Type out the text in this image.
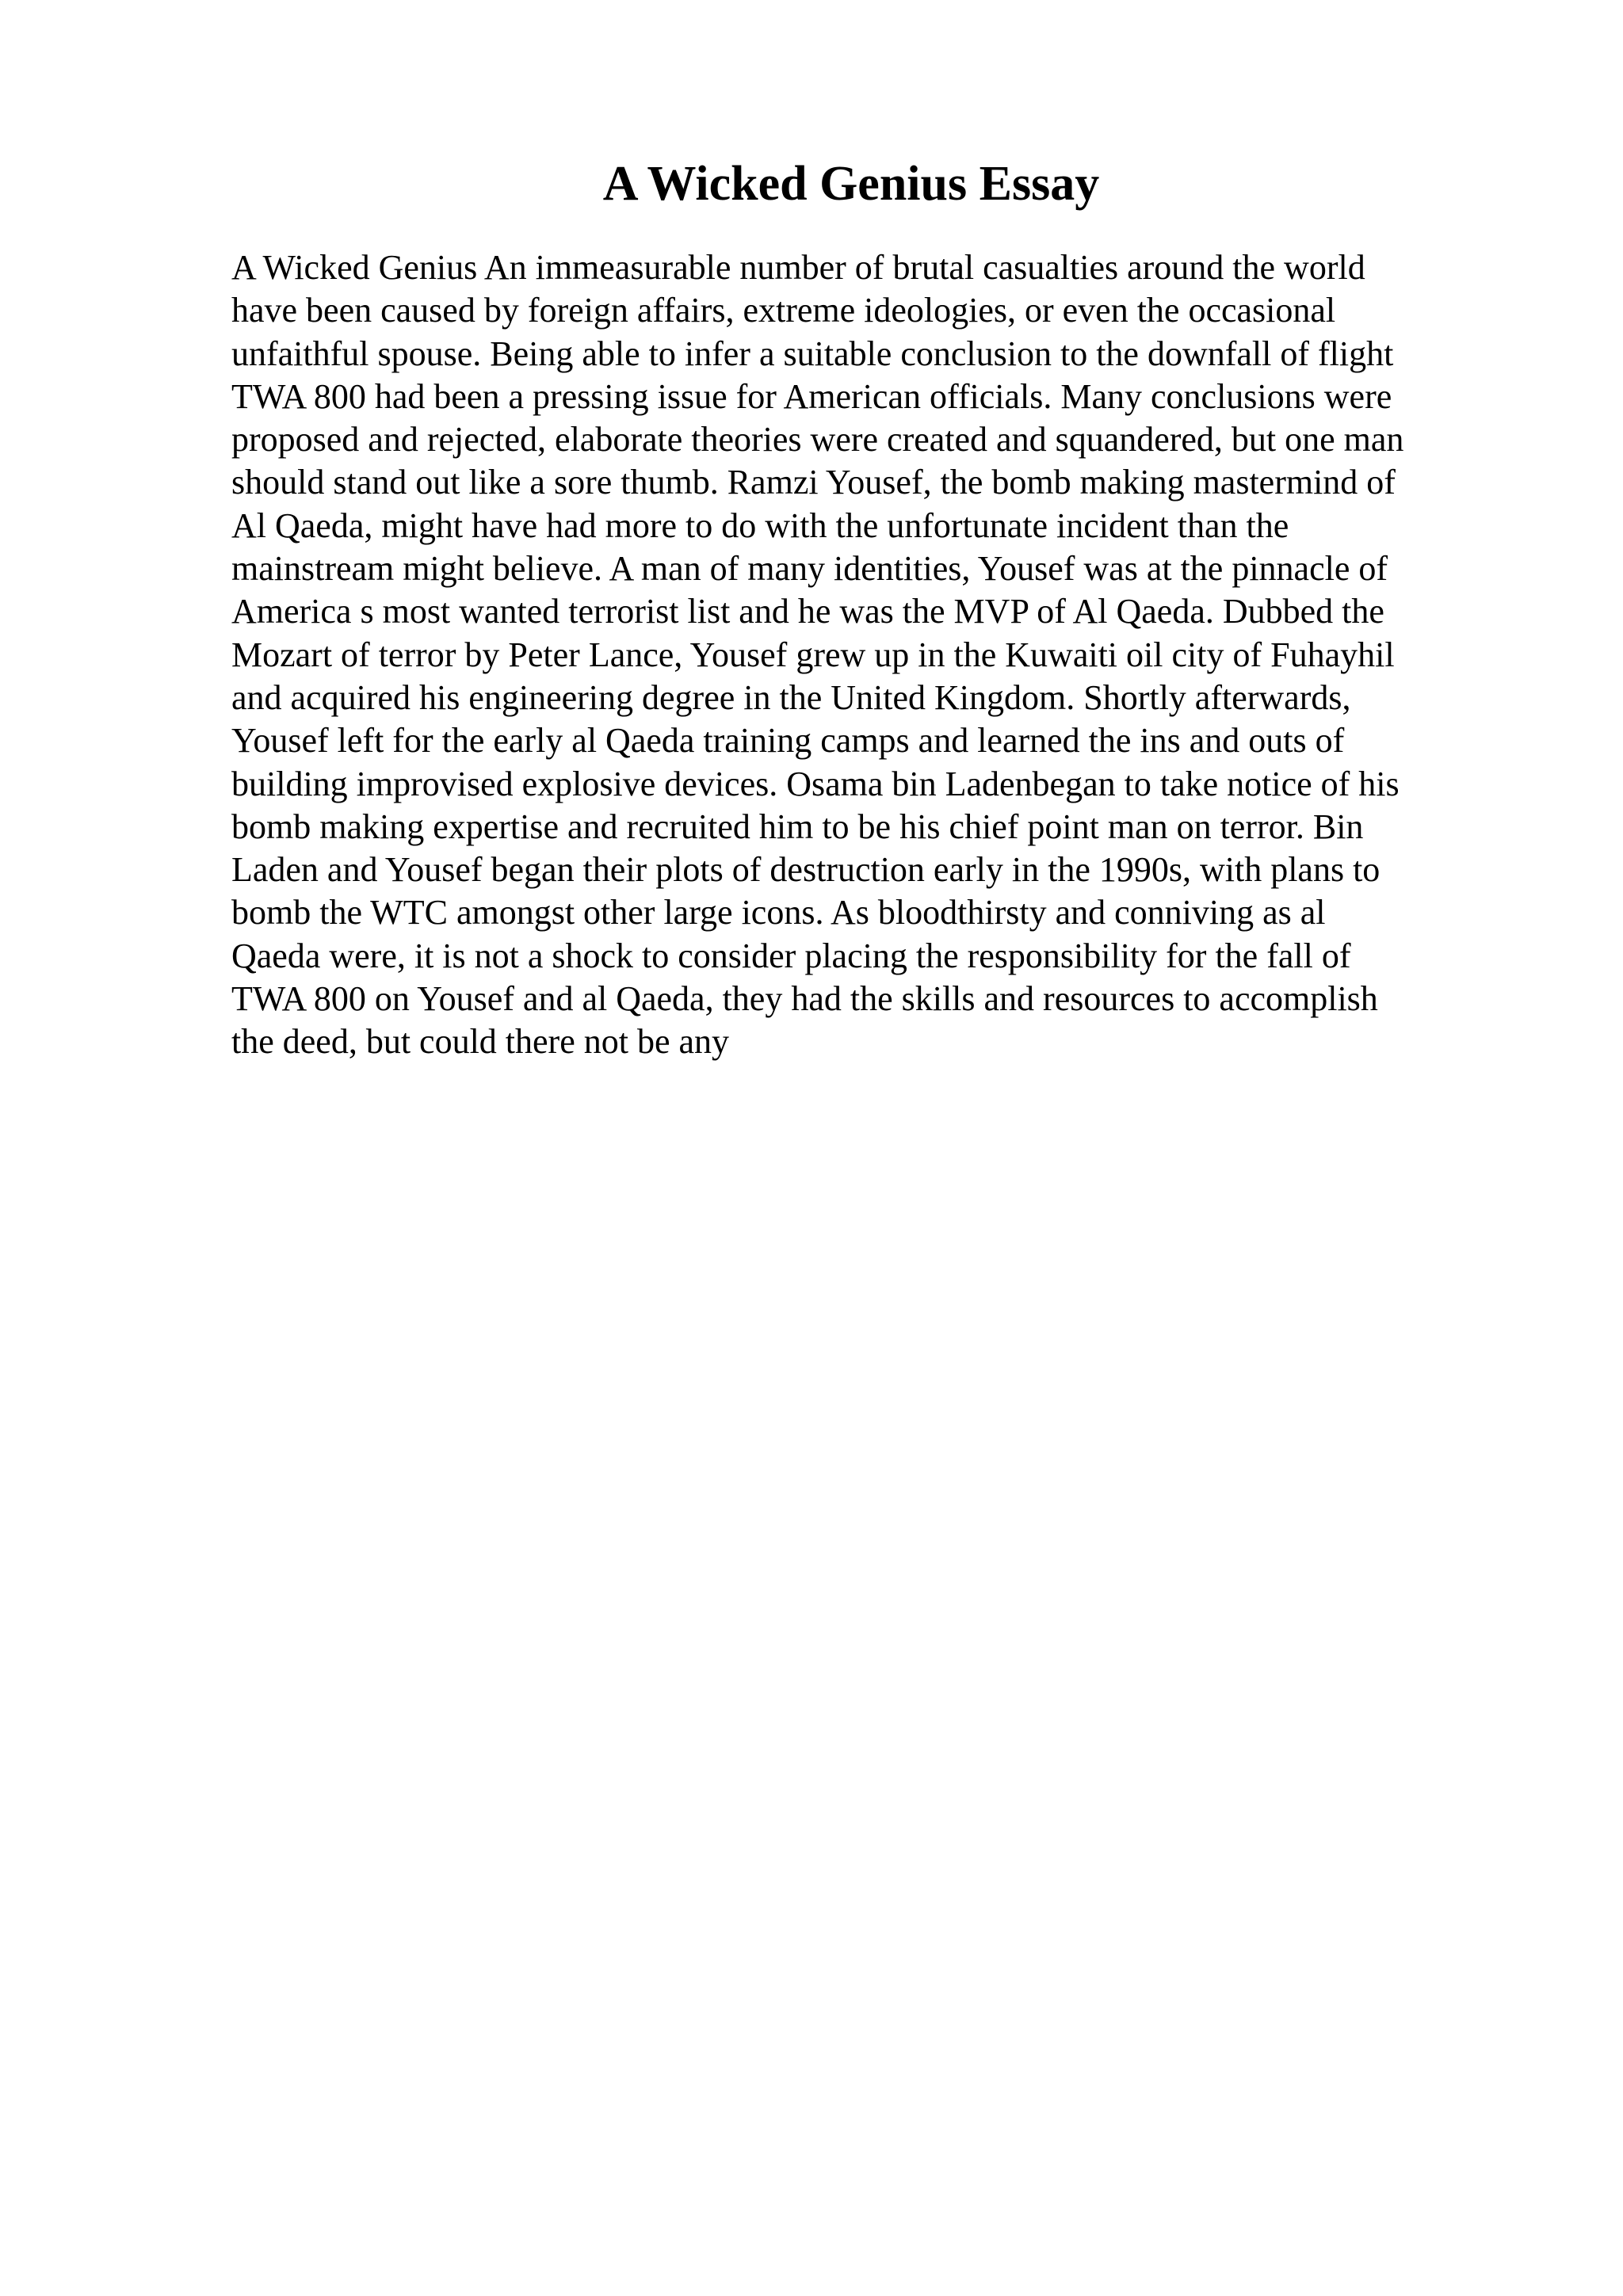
A Wicked Genius Essay
A Wicked Genius An immeasurable number of brutal casualties around the world
have been caused by foreign affairs, extreme ideologies, or even the occasional
unfaithful spouse. Being able to infer a suitable conclusion to the downfall of flight
TWA 800 had been a pressing issue for American officials. Many conclusions were
proposed and rejected, elaborate theories were created and squandered, but one man
should stand out like a sore thumb. Ramzi Yousef, the bomb making mastermind of
Al Qaeda, might have had more to do with the unfortunate incident than the
mainstream might believe. A man of many identities, Yousef was at the pinnacle of
America s most wanted terrorist list and he was the MVP of Al Qaeda. Dubbed the
Mozart of terror by Peter Lance, Yousef grew up in the Kuwaiti oil city of Fuhayhil
and acquired his engineering degree in the United Kingdom. Shortly afterwards,
Yousef left for the early al Qaeda training camps and learned the ins and outs of
building improvised explosive devices. Osama bin Ladenbegan to take notice of his
bomb making expertise and recruited him to be his chief point man on terror. Bin
Laden and Yousef began their plots of destruction early in the 1990s, with plans to
bomb the WTC amongst other large icons. As bloodthirsty and conniving as al
Qaeda were, it is not a shock to consider placing the responsibility for the fall of
TWA 800 on Yousef and al Qaeda, they had the skills and resources to accomplish
the deed, but could there not be any
